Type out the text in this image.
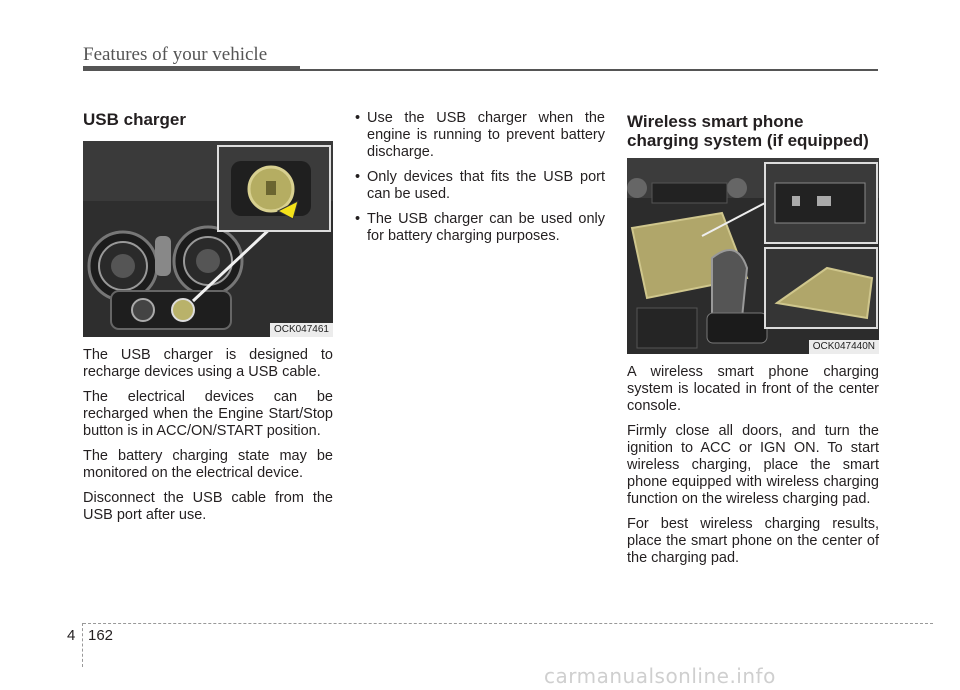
Features of your vehicle
USB charger
OCK047461

The USB charger is designed to recharge devices using a USB cable.

The electrical devices can be recharged when the Engine Start/Stop button is in ACC/ON/START position.

The battery charging state may be monitored on the electrical device.

Disconnect the USB cable from the USB port after use.

• Use the USB charger when the engine is running to prevent battery discharge.
• Only devices that fits the USB port can be used.
• The USB charger can be used only for battery charging purposes.
Wireless smart phone charging system (if equipped)
OCK047440N

A wireless smart phone charging system is located in front of the center console.

Firmly close all doors, and turn the ignition to ACC or IGN ON. To start wireless charging, place the smart phone equipped with wireless charging function on the wireless charging pad.

For best wireless charging results, place the smart phone on the center of the charging pad.

4 162
carmanualsonline.info
